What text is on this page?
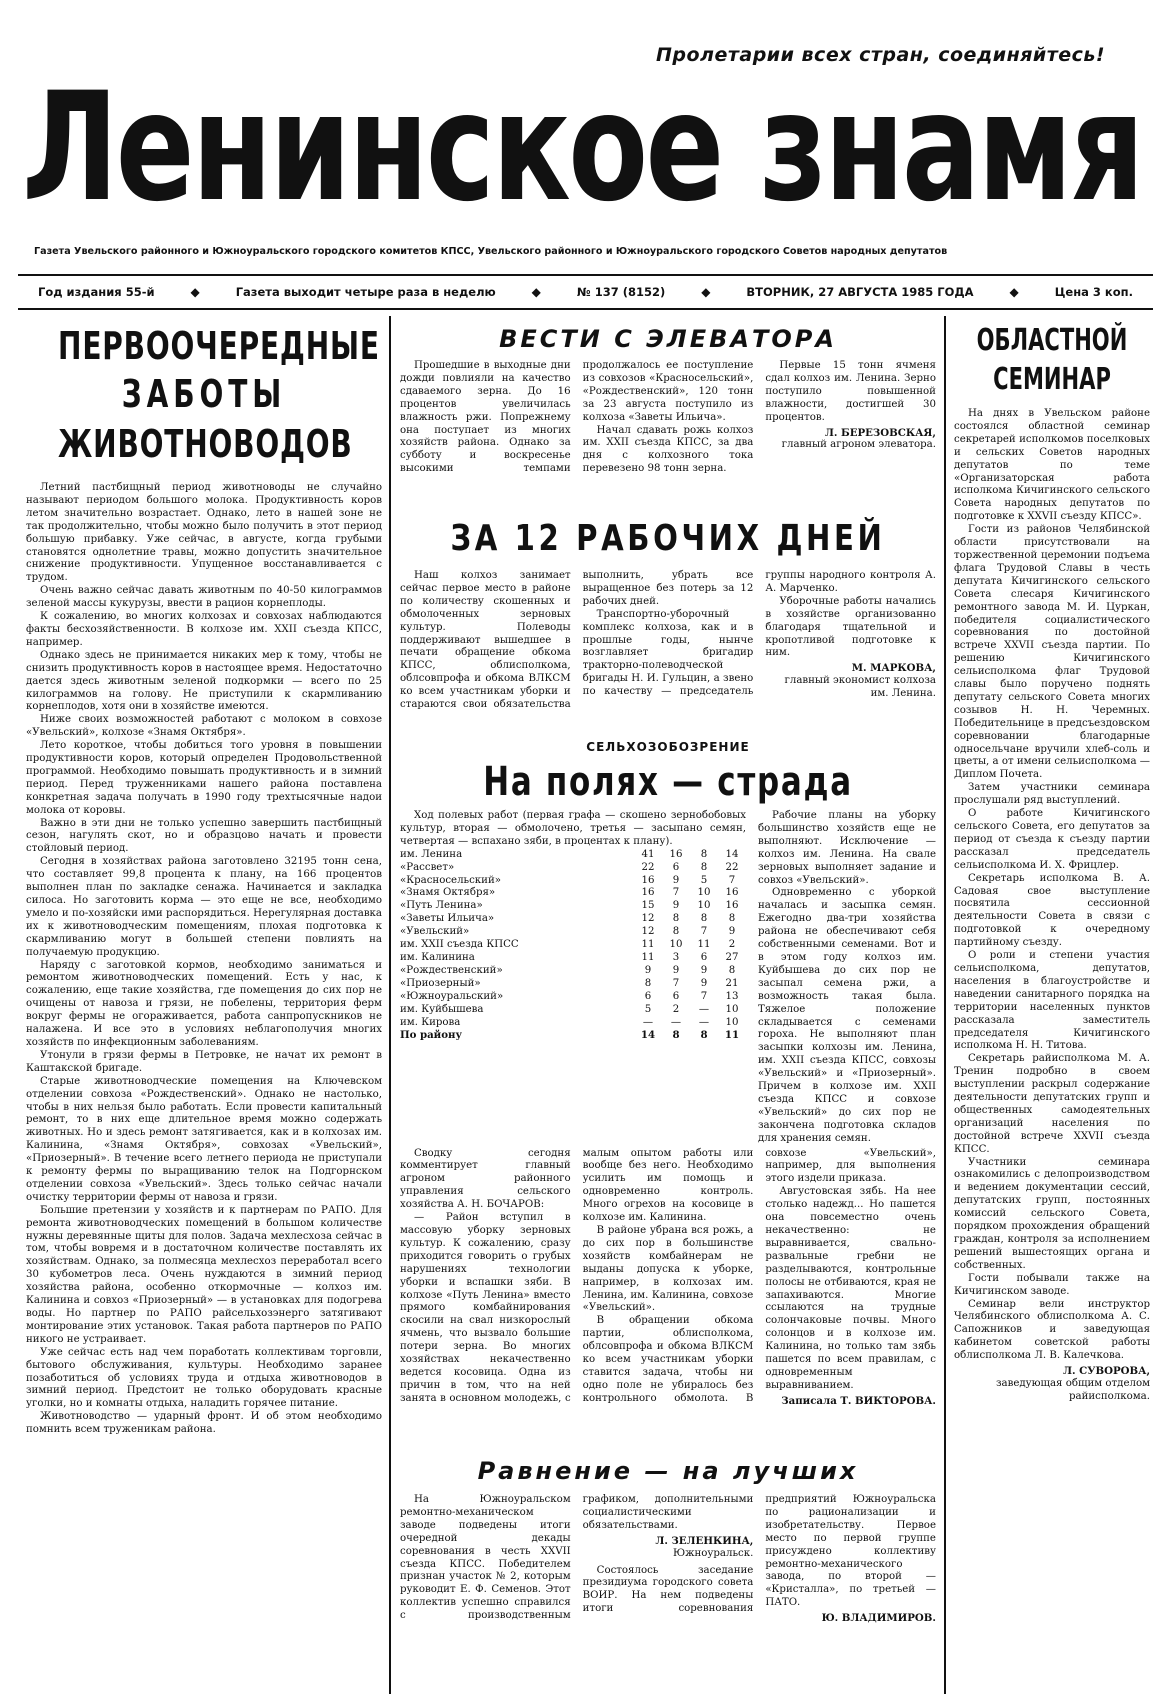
Пролетарии всех стран, соединяйтесь!
Ленинское знамя
Газета Увельского районного и Южноуральского городского комитетов КПСС, Увельского районного и Южноуральского городского Советов народных депутатов
Год издания 55-й	◆	Газета выходит четыре раза в неделю	◆	№ 137 (8152)	◆	ВТОРНИК, 27 АВГУСТА 1985 ГОДА	◆	Цена 3 коп.
ПЕРВООЧЕРЕДНЫЕ
ЗАБОТЫ
ЖИВОТНОВОДОВ

Летний пастбищный период животноводы не случайно называют периодом большого молока. Продуктивность коров летом значительно возрастает. Однако, лето в нашей зоне не так продолжительно, чтобы можно было получить в этот период большую прибавку. Уже сейчас, в августе, когда грубыми становятся однолетние травы, можно допустить значительное снижение продуктивности. Упущенное восстанавливается с трудом.

Очень важно сейчас давать животным по 40-50 килограммов зеленой массы кукурузы, ввести в рацион корнеплоды.

К сожалению, во многих колхозах и совхозах наблюдаются факты бесхозяйственности. В колхозе им. XXII съезда КПСС, например.

Однако здесь не принимается никаких мер к тому, чтобы не снизить продуктивность коров в настоящее время. Недостаточно дается здесь животным зеленой подкормки — всего по 25 килограммов на голову. Не приступили к скармливанию корнеплодов, хотя они в хозяйстве имеются.

Ниже своих возможностей работают с молоком в совхозе «Увельский», колхозе «Знамя Октября».

Лето короткое, чтобы добиться того уровня в повышении продуктивности коров, который определен Продовольственной программой. Необходимо повышать продуктивность и в зимний период. Перед труженниками нашего района поставлена конкретная задача получать в 1990 году трехтысячные надои молока от коровы.

Важно в эти дни не только успешно завершить пастбищный сезон, нагулять скот, но и образцово начать и провести стойловый период.

Сегодня в хозяйствах района заготовлено 32195 тонн сена, что составляет 99,8 процента к плану, на 166 процентов выполнен план по закладке сенажа. Начинается и закладка силоса. Но заготовить корма — это еще не все, необходимо умело и по-хозяйски ими распорядиться. Нерегулярная доставка их к животноводческим помещениям, плохая подготовка к скармливанию могут в большей степени повлиять на получаемую продукцию.

Наряду с заготовкой кормов, необходимо заниматься и ремонтом животноводческих помещений. Есть у нас, к сожалению, еще такие хозяйства, где помещения до сих пор не очищены от навоза и грязи, не побелены, территория ферм вокруг фермы не огораживается, работа санпропускников не налажена. И все это в условиях неблагополучия многих хозяйств по инфекционным заболеваниям.

Утонули в грязи фермы в Петровке, не начат их ремонт в Каштакской бригаде.

Старые животноводческие помещения на Ключевском отделении совхоза «Рождественский». Однако не настолько, чтобы в них нельзя было работать. Если провести капитальный ремонт, то в них еще длительное время можно содержать животных. Но и здесь ремонт затягивается, как и в колхозах им. Калинина, «Знамя Октября», совхозах «Увельский», «Приозерный». В течение всего летнего периода не приступали к ремонту фермы по выращиванию телок на Подгорнском отделении совхоза «Увельский». Здесь только сейчас начали очистку территории фермы от навоза и грязи.

Большие претензии у хозяйств и к партнерам по РАПО. Для ремонта животноводческих помещений в большом количестве нужны деревянные щиты для полов. Задача мехлесхоза сейчас в том, чтобы вовремя и в достаточном количестве поставлять их хозяйствам. Однако, за полмесяца мехлесхоз переработал всего 30 кубометров леса. Очень нуждаются в зимний период хозяйства района, особенно откормочные — колхоз им. Калинина и совхоз «Приозерный» — в установках для подогрева воды. Но партнер по РАПО райсельхозэнерго затягивают монтирование этих установок. Такая работа партнеров по РАПО никого не устраивает.

Уже сейчас есть над чем поработать коллективам торговли, бытового обслуживания, культуры. Необходимо заранее позаботиться об условиях труда и отдыха животноводов в зимний период. Предстоит не только оборудовать красные уголки, но и комнаты отдыха, наладить горячее питание.

Животноводство — ударный фронт. И об этом необходимо помнить всем труженикам района.

ВЕСТИ С ЭЛЕВАТОРА

Прошедшие в выходные дни дожди повлияли на качество сдаваемого зерна. До 16 процентов увеличилась влажность ржи. Попрежнему она поступает из многих хозяйств района. Однако за субботу и воскресенье высокими темпами продолжалось ее поступление из совхозов «Красносельский», «Рождественский», 120 тонн за 23 августа поступило из колхоза «Заветы Ильича».

Начал сдавать рожь колхоз им. XXII съезда КПСС, за два дня с колхозного тока перевезено 98 тонн зерна.

Первые 15 тонн ячменя сдал колхоз им. Ленина. Зерно поступило повышенной влажности, достигшей 30 процентов.

Л. БЕРЕЗОВСКАЯ,
главный агроном элеватора.
ЗА 12 РАБОЧИХ ДНЕЙ

Наш колхоз занимает сейчас первое место в районе по количеству скошенных и обмолоченных зерновых культур. Полеводы поддерживают вышедшее в печати обращение обкома КПСС, облисполкома, облсовпрофа и обкома ВЛКСМ ко всем участникам уборки и стараются свои обязательства выполнить, убрать все выращенное без потерь за 12 рабочих дней.

Транспортно-уборочный комплекс колхоза, как и в прошлые годы, нынче возглавляет бригадир тракторно-полеводческой бригады Н. И. Гульцин, а звено по качеству — председатель группы народного контроля А. А. Марченко.

Уборочные работы начались в хозяйстве организованно благодаря тщательной и кропотливой подготовке к ним.

М. МАРКОВА,
главный экономист колхоза им. Ленина.
СЕЛЬХОЗОБОЗРЕНИЕ
На полях — страда
Ход полевых работ (первая графа — скошено зернобобовых культур, вторая — обмолочено, третья — засыпано семян, четвертая — вспахано зяби, в процентах к плану).
им. Ленина	41	16	8	14
«Рассвет»	22	6	8	22
«Красносельский»	16	9	5	7
«Знамя Октября»	16	7	10	16
«Путь Ленина»	15	9	10	16
«Заветы Ильича»	12	8	8	8
«Увельский»	12	8	7	9
им. XXII съезда КПСС	11	10	11	2
им. Калинина	11	3	6	27
«Рождественский»	9	9	9	8
«Приозерный»	8	7	9	21
«Южноуральский»	6	6	7	13
им. Куйбышева	5	2	—	10
им. Кирова	—	—	—	10
По району	14	8	8	11

Рабочие планы на уборку большинство хозяйств еще не выполняют. Исключение — колхоз им. Ленина. На свале зерновых выполняет задание и совхоз «Увельский».

Одновременно с уборкой началась и засыпка семян. Ежегодно два-три хозяйства района не обеспечивают себя собственными семенами. Вот и в этом году колхоз им. Куйбышева до сих пор не засыпал семена ржи, а возможность такая была. Тяжелое положение складывается с семенами гороха. Не выполняют план засыпки колхозы им. Ленина, им. XXII съезда КПСС, совхозы «Увельский» и «Приозерный». Причем в колхозе им. XXII съезда КПСС и совхозе «Увельский» до сих пор не закончена подготовка складов для хранения семян.

Сводку сегодня комментирует главный агроном районного управления сельского хозяйства А. Н. БОЧАРОВ:

— Район вступил в массовую уборку зерновых культур. К сожалению, сразу приходится говорить о грубых нарушениях технологии уборки и вспашки зяби. В колхозе «Путь Ленина» вместо прямого комбайнирования скосили на свал низкорослый ячмень, что вызвало большие потери зерна. Во многих хозяйствах некачественно ведется косовица. Одна из причин в том, что на ней занята в основном молодежь, с малым опытом работы или вообще без него. Необходимо усилить им помощь и одновременно контроль. Много огрехов на косовице в колхозе им. Калинина.

В районе убрана вся рожь, а до сих пор в большинстве хозяйств комбайнерам не выданы допуска к уборке, например, в колхозах им. Ленина, им. Калинина, совхозе «Увельский».

В обращении обкома партии, облисполкома, облсовпрофа и обкома ВЛКСМ ко всем участникам уборки ставится задача, чтобы ни одно поле не убиралось без контрольного обмолота. В совхозе «Увельский», например, для выполнения этого издели приказа.

Августовская зябь. На нее столько надежд... Но пашется она повсеместно очень некачественно: не выравнивается, свально-развальные гребни не разделываются, контрольные полосы не отбиваются, края не запахиваются. Многие ссылаются на трудные солончаковые почвы. Много солонцов и в колхозе им. Калинина, но только там зябь пашется по всем правилам, с одновременным выравниванием.

Записала Т. ВИКТОРОВА.
Равнение — на лучших

На Южноуральском ремонтно-механическом заводе подведены итоги очередной декады соревнования в честь XXVII съезда КПСС. Победителем признан участок № 2, которым руководит Е. Ф. Семенов. Этот коллектив успешно справился с производственным графиком, дополнительными социалистическими обязательствами.

Л. ЗЕЛЕНКИНА,
Южноуральск.

Состоялось заседание президиума городского совета ВОИР. На нем подведены итоги соревнования предприятий Южноуральска по рационализации и изобретательству. Первое место по первой группе присуждено коллективу ремонтно-механического завода, по второй — «Кристалла», по третьей — ПАТО.

Ю. ВЛАДИМИРОВ.
ОБЛАСТНОЙ
СЕМИНАР

На днях в Увельском районе состоялся областной семинар секретарей исполкомов поселковых и сельских Советов народных депутатов по теме «Организаторская работа исполкома Кичигинского сельского Совета народных депутатов по подготовке к XXVII съезду КПСС».

Гости из районов Челябинской области присутствовали на торжественной церемонии подъема флага Трудовой Славы в честь депутата Кичигинского сельского Совета слесаря Кичигинского ремонтного завода М. И. Цуркан, победителя социалистического соревнования по достойной встрече XXVII съезда партии. По решению Кичигинского сельисполкома флаг Трудовой славы было поручено поднять депутату сельского Совета многих созывов Н. Н. Черемных. Победительнице в предсъездовском соревновании благодарные односельчане вручили хлеб-соль и цветы, а от имени сельисполкома — Диплом Почета.

Затем участники семинара прослушали ряд выступлений.

О работе Кичигинского сельского Совета, его депутатов за период от съезда к съезду партии рассказал председатель сельисполкома И. Х. Фрицлер.

Секретарь исполкома В. А. Садовая свое выступление посвятила сессионной деятельности Совета в связи с подготовкой к очередному партийному съезду.

О роли и степени участия сельисполкома, депутатов, населения в благоустройстве и наведении санитарного порядка на территории населенных пунктов рассказала заместитель председателя Кичигинского исполкома Н. Н. Титова.

Секретарь райисполкома М. А. Тренин подробно в своем выступлении раскрыл содержание деятельности депутатских групп и общественных самодеятельных организаций населения по достойной встрече XXVII съезда КПСС.

Участники семинара ознакомились с делопроизводством и ведением документации сессий, депутатских групп, постоянных комиссий сельского Совета, порядком прохождения обращений граждан, контроля за исполнением решений вышестоящих органа и собственных.

Гости побывали также на Кичигинском заводе.

Семинар вели инструктор Челябинского облисполкома А. С. Сапожников и заведующая кабинетом советской работы облисполкома Л. В. Калечкова.

Л. СУВОРОВА,
заведующая общим отделом райисполкома.
